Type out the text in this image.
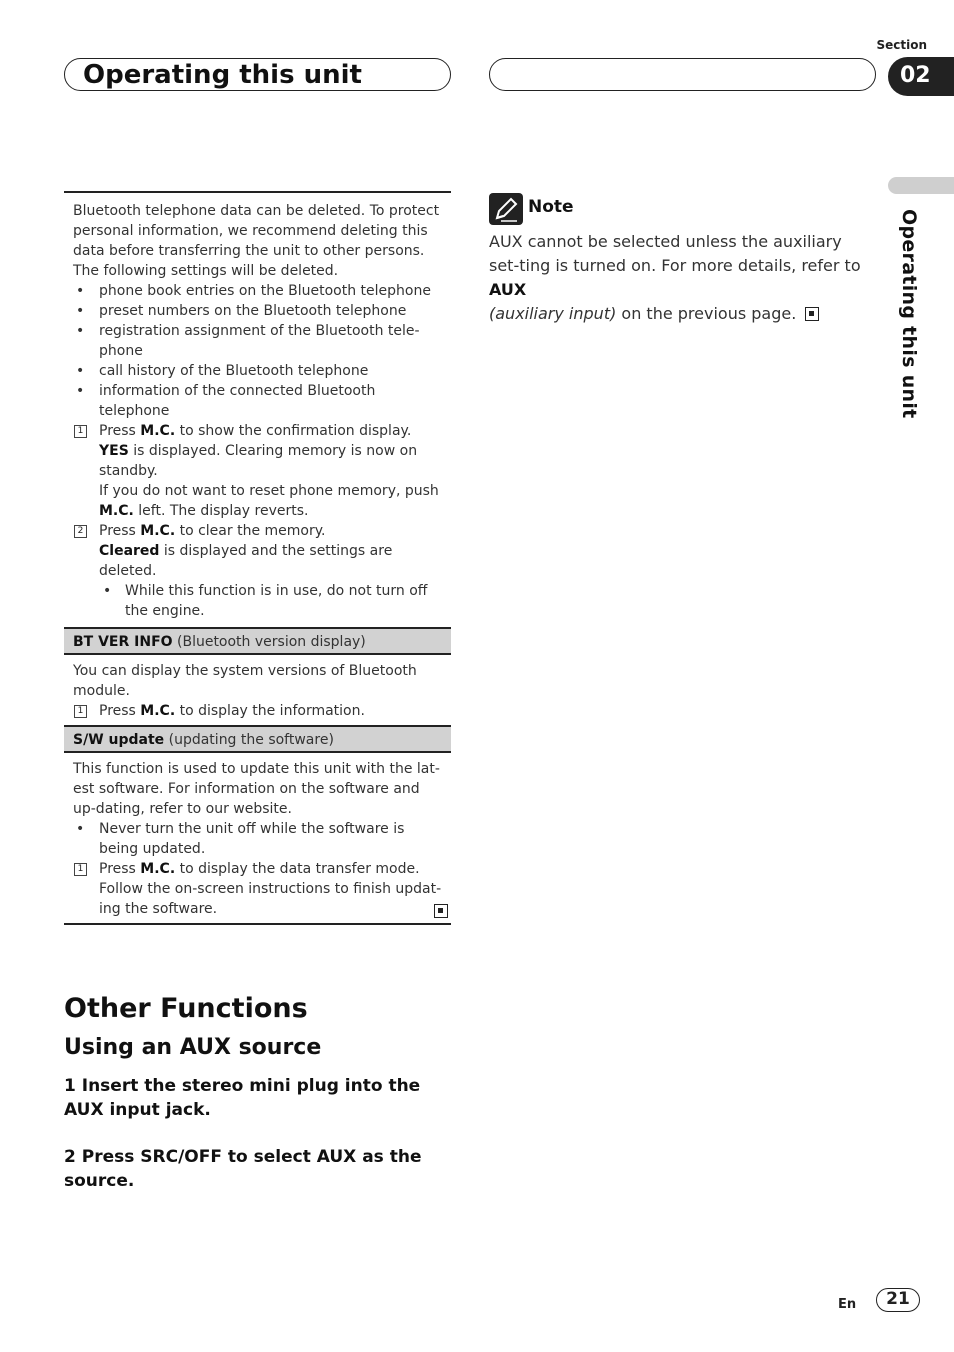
Operating this unit
Section
02
Operating this unit

Bluetooth telephone data can be deleted. To protect personal information, we recommend deleting this data before transferring the unit to other persons. The following settings will be deleted.

• phone book entries on the Bluetooth telephone
• preset numbers on the Bluetooth telephone
• registration assignment of the Bluetooth tele-phone
• call history of the Bluetooth telephone
• information of the connected Bluetooth telephone
1 Press M.C. to show the confirmation display.
YES is displayed. Clearing memory is now on standby.
If you do not want to reset phone memory, push M.C. left. The display reverts.
2 Press M.C. to clear the memory.
Cleared is displayed and the settings are deleted.
• While this function is in use, do not turn off the engine.
BT VER INFO (Bluetooth version display)

You can display the system versions of Bluetooth module.

1 Press M.C. to display the information.
S/W update (updating the software)

This function is used to update this unit with the lat-est software. For information on the software and up-dating, refer to our website.

• Never turn the unit off while the software is being updated.
1 Press M.C. to display the data transfer mode.
Follow the on-screen instructions to finish updat-ing the software.
Other Functions
Using an AUX source
1 Insert the stereo mini plug into the AUX input jack.
2 Press SRC/OFF to select AUX as the source.
Note
AUX cannot be selected unless the auxiliary set-ting is turned on. For more details, refer to AUX
(auxiliary input) on the previous page.
En	21
